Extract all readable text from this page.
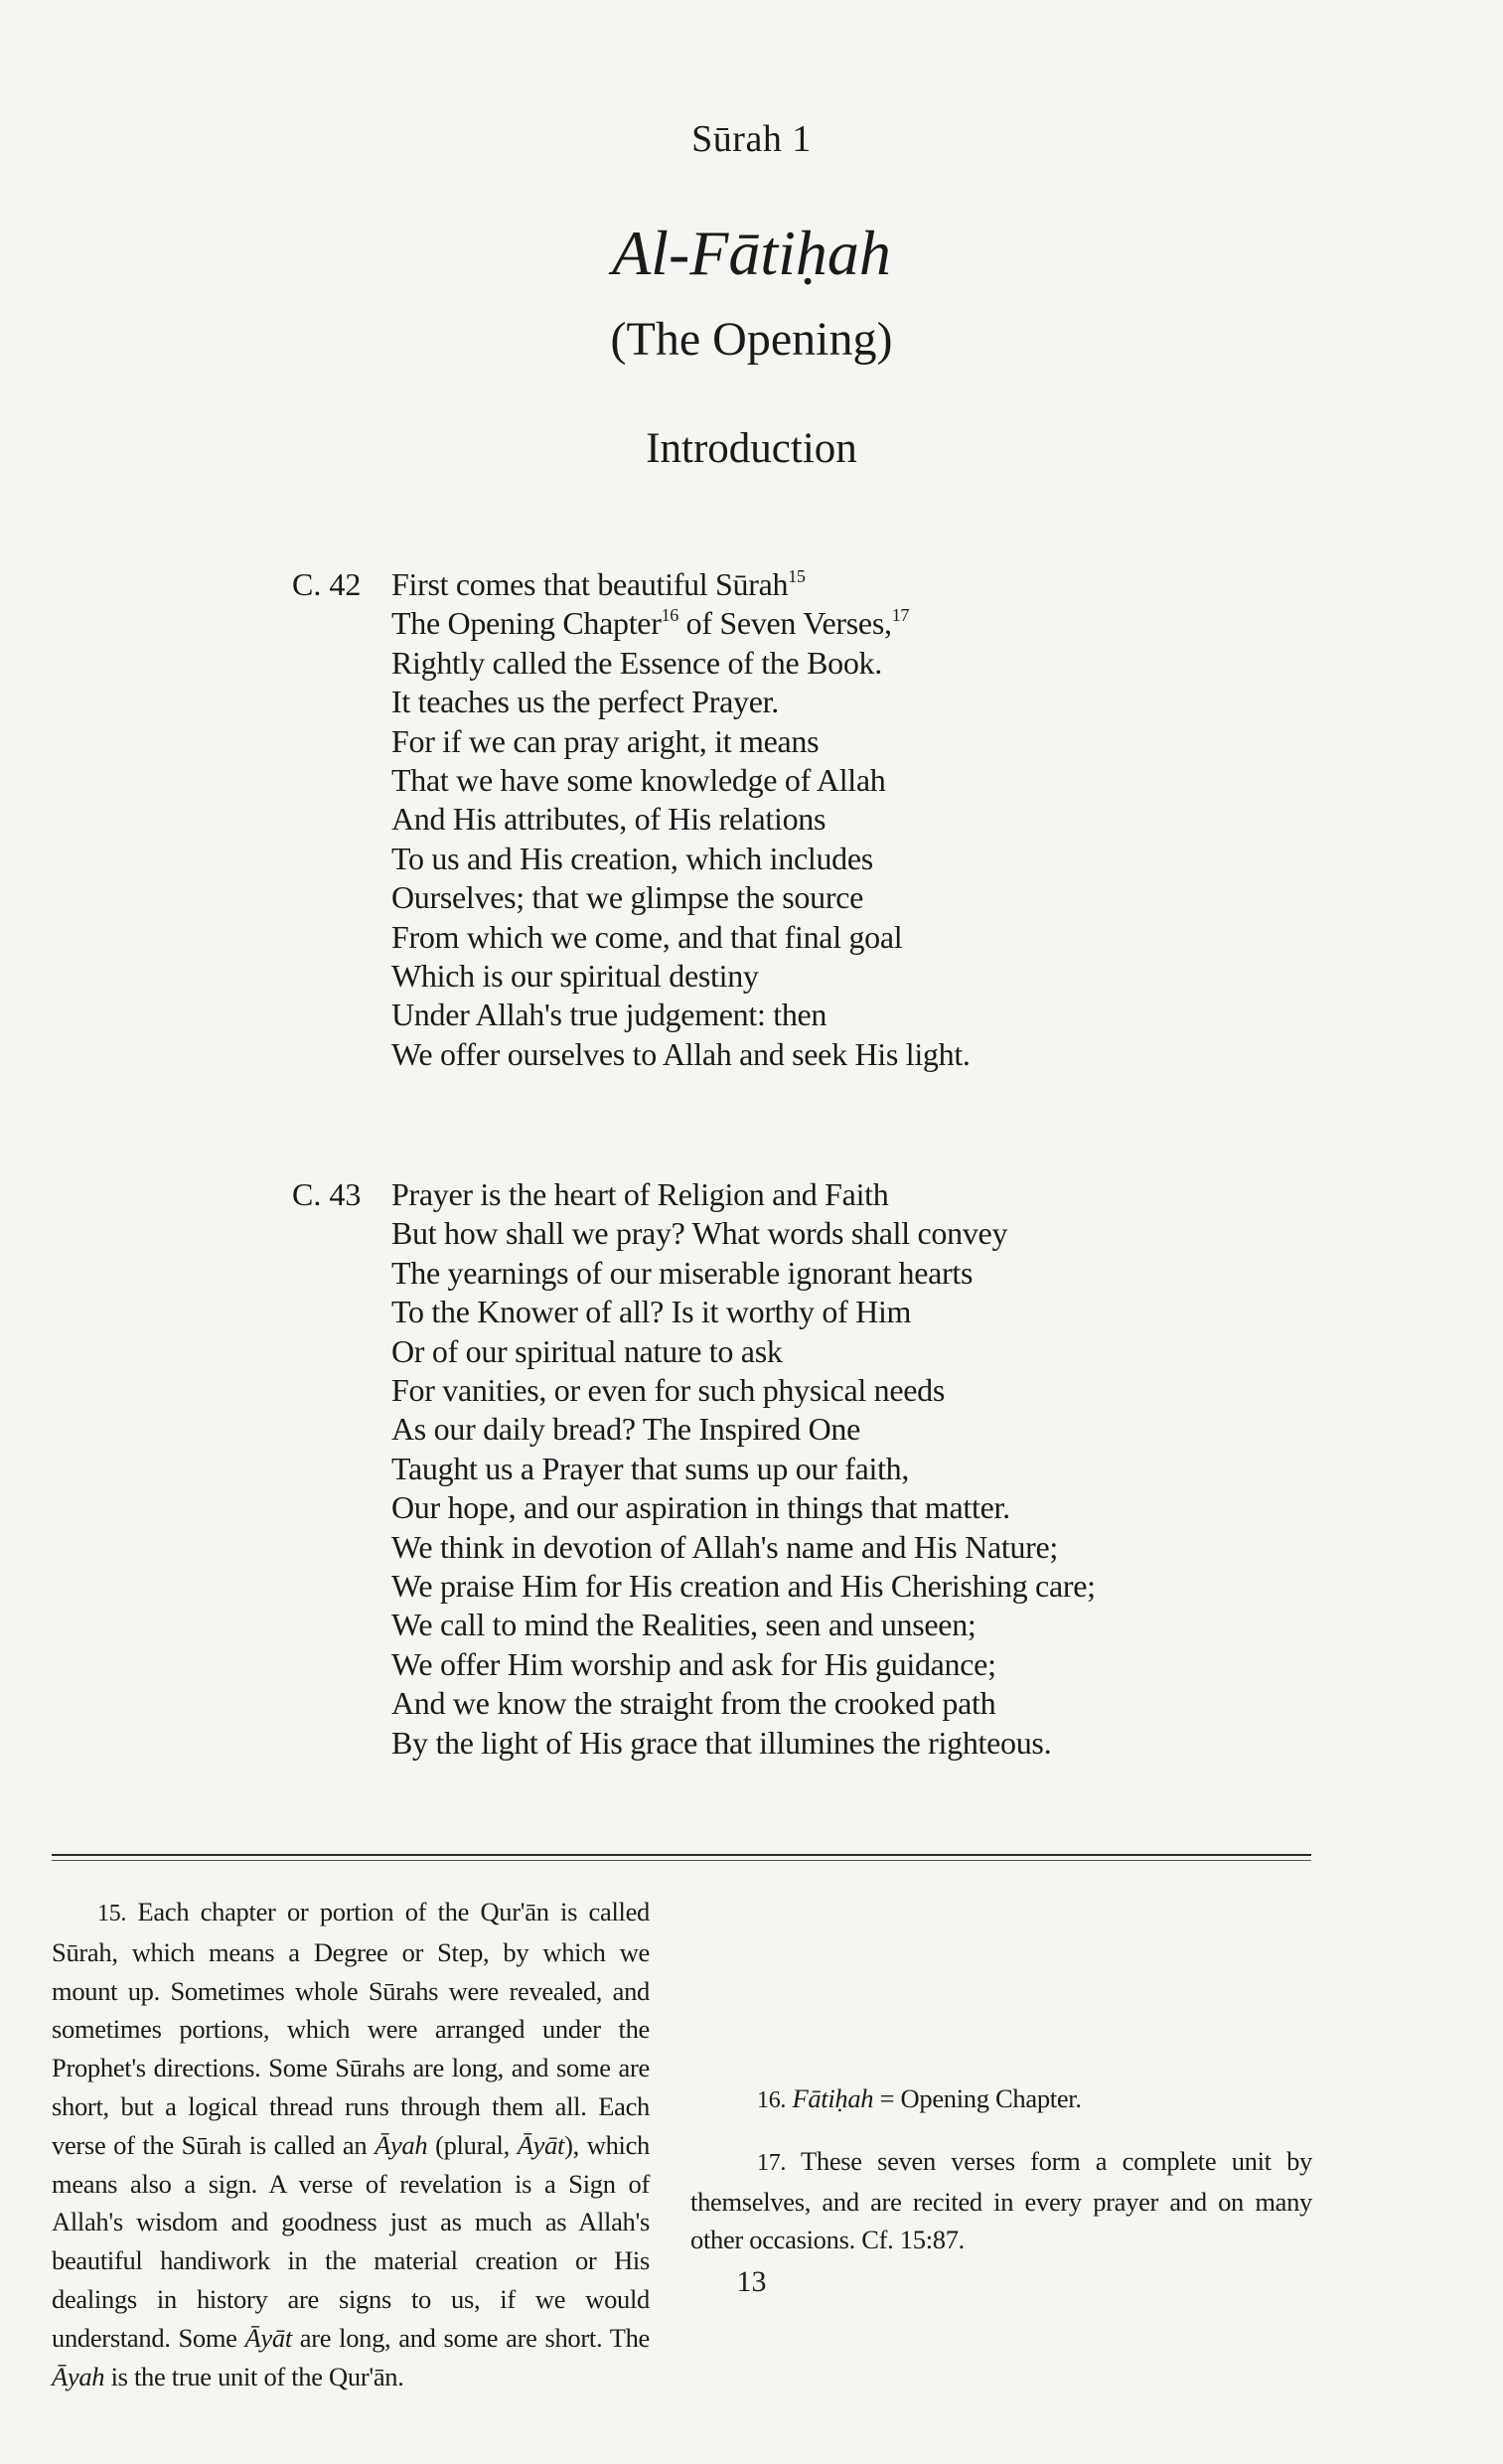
Sūrah 1
Al-Fātiḥah
(The Opening)
Introduction
C. 42 First comes that beautiful Sūrah$^{15}$
The Opening Chapter$^{16}$ of Seven Verses,$^{17}$
Rightly called the Essence of the Book.
It teaches us the perfect Prayer.
For if we can pray aright, it means
That we have some knowledge of Allah
And His attributes, of His relations
To us and His creation, which includes
Ourselves; that we glimpse the source
From which we come, and that final goal
Which is our spiritual destiny
Under Allah's true judgement: then
We offer ourselves to Allah and seek His light.
C. 43 Prayer is the heart of Religion and Faith
But how shall we pray? What words shall convey
The yearnings of our miserable ignorant hearts
To the Knower of all? Is it worthy of Him
Or of our spiritual nature to ask
For vanities, or even for such physical needs
As our daily bread? The Inspired One
Taught us a Prayer that sums up our faith,
Our hope, and our aspiration in things that matter.
We think in devotion of Allah's name and His Nature;
We praise Him for His creation and His Cherishing care;
We call to mind the Realities, seen and unseen;
We offer Him worship and ask for His guidance;
And we know the straight from the crooked path
By the light of His grace that illumines the righteous.

15. Each chapter or portion of the Qur'ān is called Sūrah, which means a Degree or Step, by which we mount up. Sometimes whole Sūrahs were revealed, and sometimes portions, which were arranged under the Prophet's directions. Some Sūrahs are long, and some are short, but a logical thread runs through them all. Each verse of the Sūrah is called an Āyah (plural, Āyāt), which means also a sign. A verse of revelation is a Sign of Allah's wisdom and goodness just as much as Allah's beautiful handiwork in the material creation or His dealings in history are signs to us, if we would understand. Some Āyāt are long, and some are short. The Āyah is the true unit of the Qur'ān.

16. Fātiḥah = Opening Chapter.

17. These seven verses form a complete unit by themselves, and are recited in every prayer and on many other occasions. Cf. 15:87.

13
